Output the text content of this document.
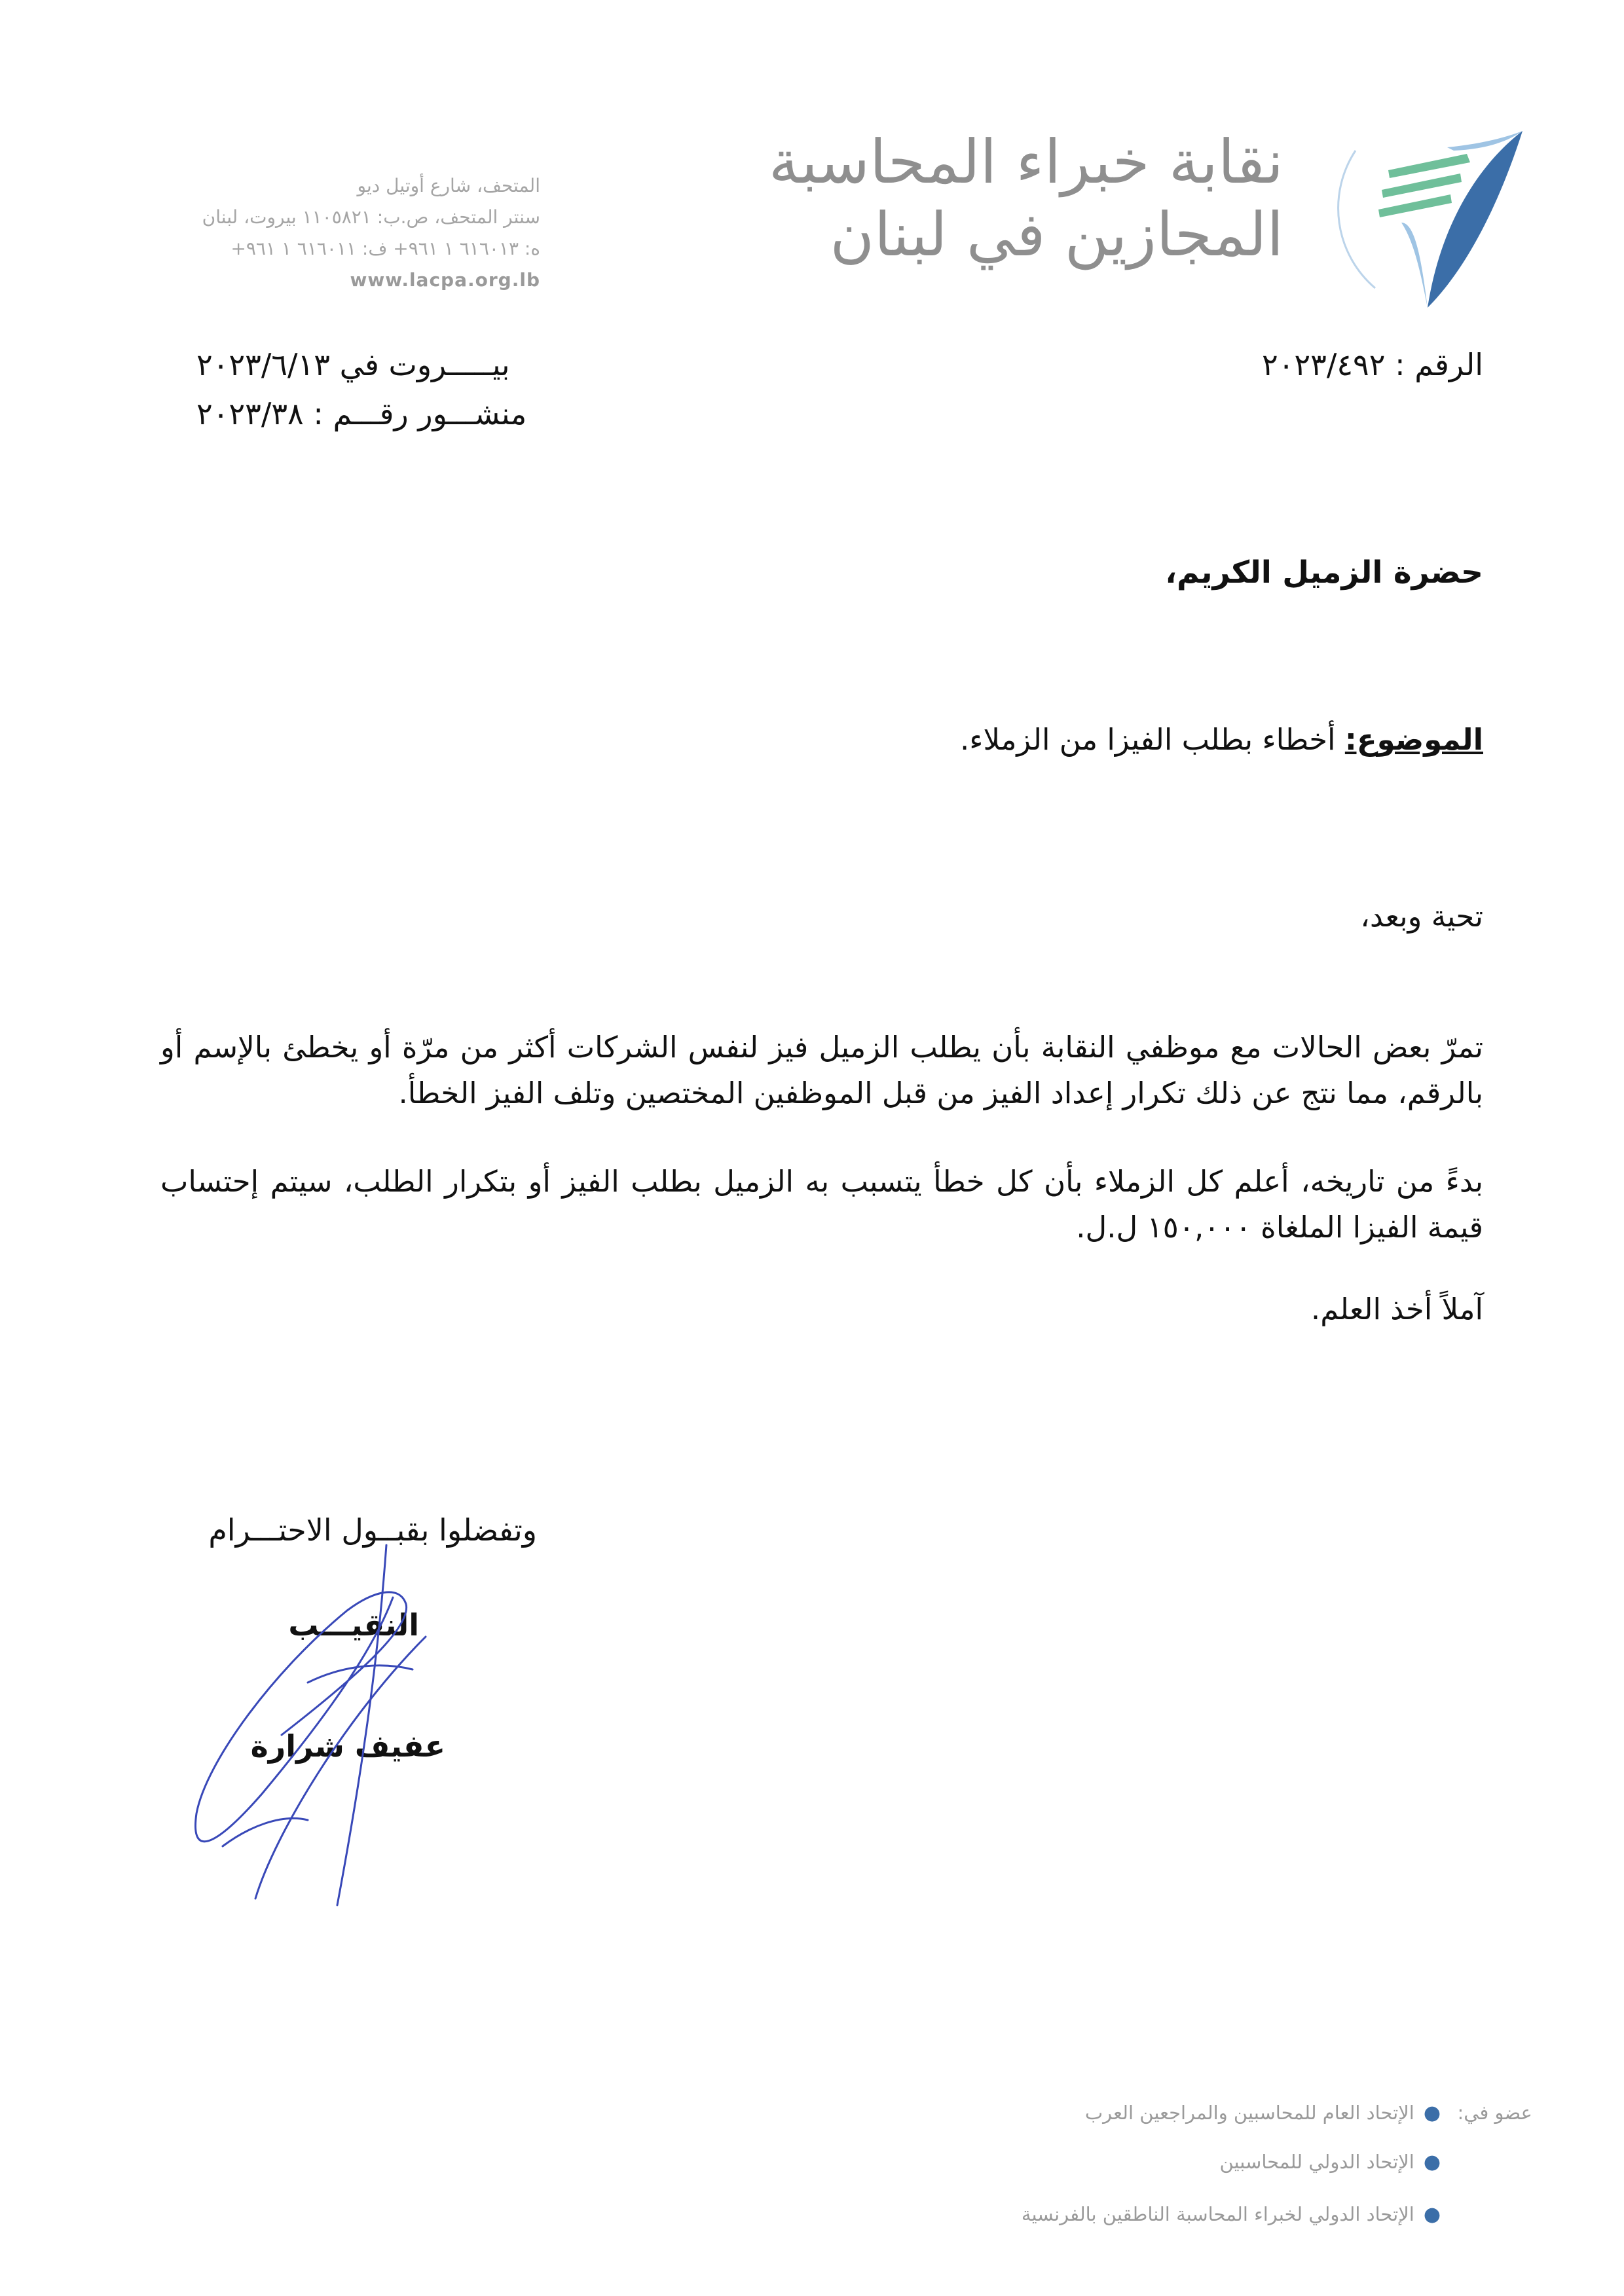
نقابة خبراء المحاسبة
المجازين في لبنان
المتحف، شارع أوتيل ديو
سنتر المتحف، ص.ب: ١١٠٥٨٢١ بيروت، لبنان
ه: ٦١٦٠١٣ ١ ٩٦١+ ف: ٦١٦٠١١ ١ ٩٦١+
www.lacpa.org.lb
الرقم : ٢٠٢٣/٤٩٢
بيـــــروت في ٢٠٢٣/٦/١٣
منشـــور رقـــم : ٢٠٢٣/٣٨
حضرة الزميل الكريم،
الموضوع: أخطاء بطلب الفيزا من الزملاء.
تحية وبعد،
تمرّ بعض الحالات مع موظفي النقابة بأن يطلب الزميل فيز لنفس الشركات أكثر من مرّة أو يخطئ بالإسم أو بالرقم، مما نتج عن ذلك تكرار إعداد الفيز من قبل الموظفين المختصين وتلف الفيز الخطأ.
بدءً من تاريخه، أعلم كل الزملاء بأن كل خطأ يتسبب به الزميل بطلب الفيز أو بتكرار الطلب، سيتم إحتساب قيمة الفيزا الملغاة ١٥٠,٠٠٠ ل.ل.
آملاً أخذ العلم.
وتفضلوا بقبــول الاحتـــرام
النقيـــب
عفيف شرارة
عضو في:
●الإتحاد العام للمحاسبين والمراجعين العرب
●الإتحاد الدولي للمحاسبين
●الإتحاد الدولي لخبراء المحاسبة الناطقين بالفرنسية
